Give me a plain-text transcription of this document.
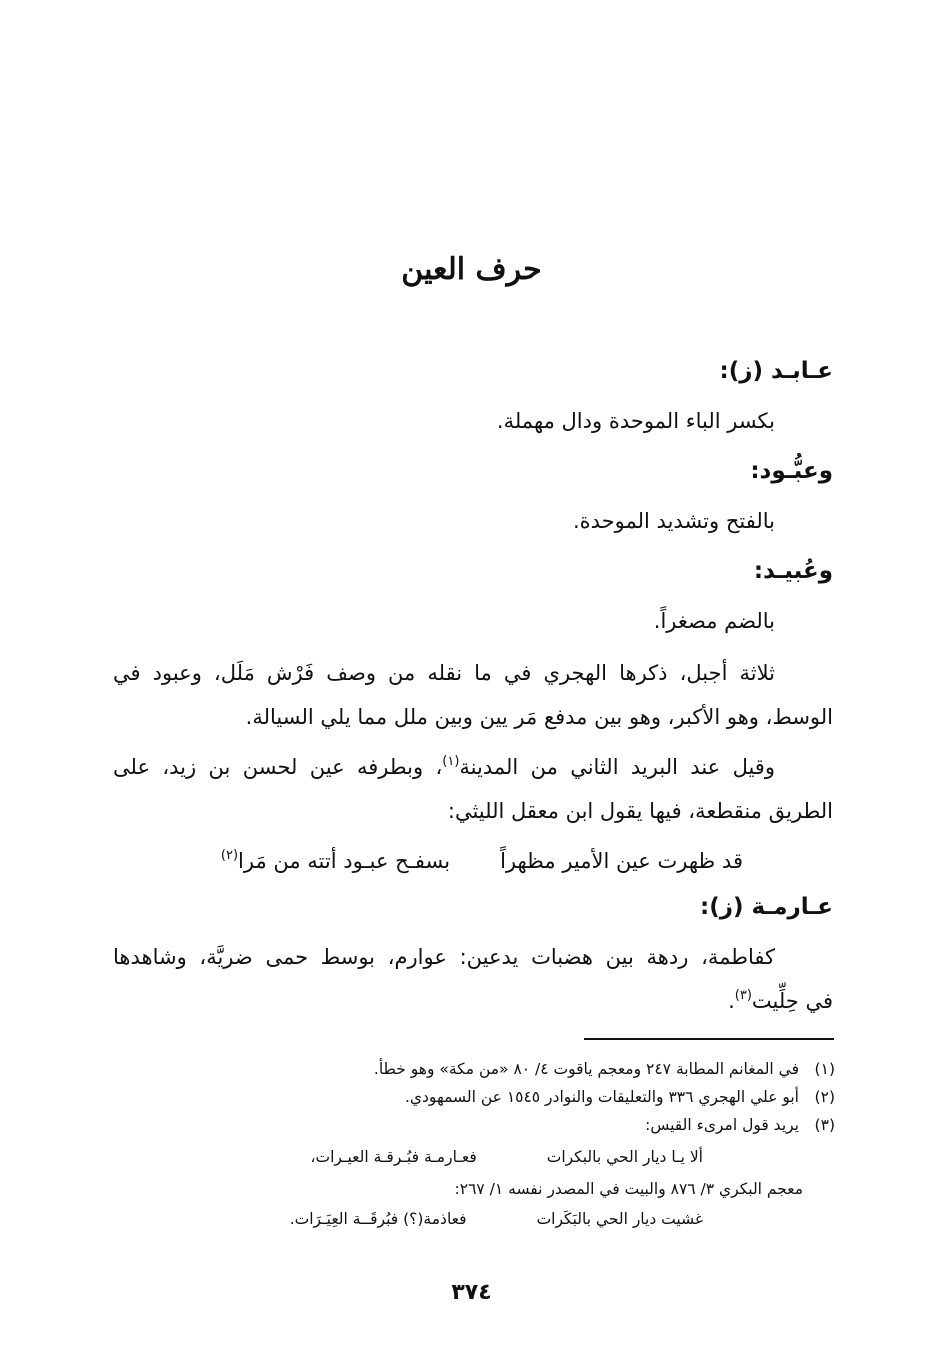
حرف العين
عـابـد (ز):
بكسر الباء الموحدة ودال مهملة.
وعبُّـود:
بالفتح وتشديد الموحدة.
وعُبيـد:
بالضم مصغراً.
ثلاثة أجبل، ذكرها الهجري في ما نقله من وصف فَرْش مَلَل، وعبود في
الوسط، وهو الأكبر، وهو بين مدفع مَر يين وبين ملل مما يلي السيالة.
وقيل عند البريد الثاني من المدينة$^{(١)}$، وبطرفه عين لحسن بن زيد، على
الطريق منقطعة، فيها يقول ابن معقل الليثي:
قد ظهرت عين الأمير مظهراً
بسفـح عبـود أتته من مَرا$^{(٢)}$
عـارمـة (ز):
كفاطمة، ردهة بين هضبات يدعين: عوارم، بوسط حمى ضريَّة، وشاهدها
في حِلِّيت$^{(٣)}$.
(١)في المغانم المطابة ٢٤٧ ومعجم ياقوت ٤/ ٨٠ «من مكة» وهو خطأ.
(٢)أبو علي الهجري ٣٣٦ والتعليقات والنوادر ١٥٤٥ عن السمهودي.
(٣)يريد قول امرىء القيس:
ألا يـا ديار الحي بالبكرات
فعـارمـة فبُـرقـة العيـرات،
معجم البكري ٣/ ٨٧٦ والبيت في المصدر نفسه ١/ ٢٦٧:
غشيت ديار الحي بالبَكَرات
فعاذمة(؟) فبُرقَــة العِيَـرَات.
٣٧٤
